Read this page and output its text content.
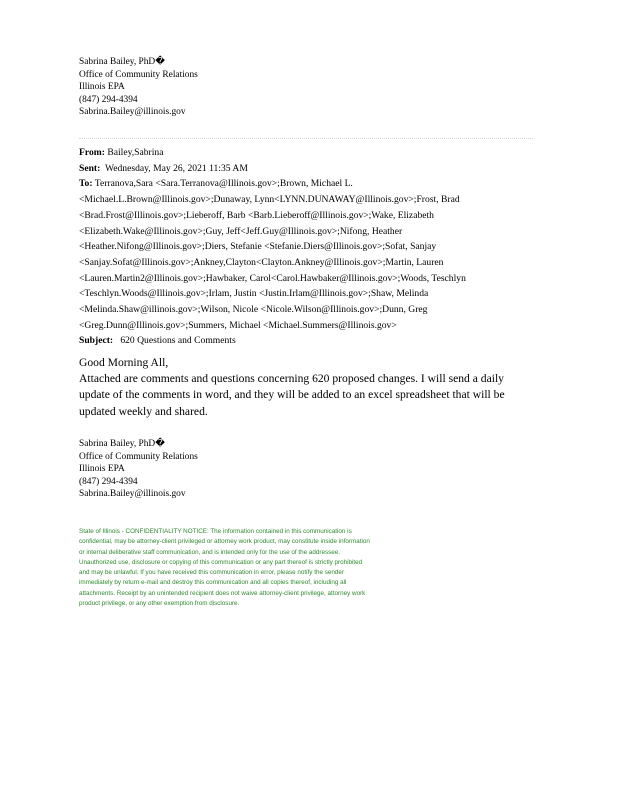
Sabrina Bailey, PhD�
Office of Community Relations
Illinois EPA
(847) 294-4394
Sabrina.Bailey@illinois.gov
From: Bailey,Sabrina
Sent: Wednesday, May 26, 2021 11:35 AM
To: Terranova,Sara <Sara.Terranova@Illinois.gov>;Brown, Michael L.
<Michael.L.Brown@Illinois.gov>;Dunaway, Lynn<LYNN.DUNAWAY@Illinois.gov>;Frost, Brad
<Brad.Frost@Illinois.gov>;Lieberoff, Barb <Barb.Lieberoff@Illinois.gov>;Wake, Elizabeth
<Elizabeth.Wake@Illinois.gov>;Guy, Jeff<Jeff.Guy@Illinois.gov>;Nifong, Heather
<Heather.Nifong@Illinois.gov>;Diers, Stefanie <Stefanie.Diers@Illinois.gov>;Sofat, Sanjay
<Sanjay.Sofat@Illinois.gov>;Ankney,Clayton<Clayton.Ankney@Illinois.gov>;Martin, Lauren
<Lauren.Martin2@Illinois.gov>;Hawbaker, Carol<Carol.Hawbaker@Illinois.gov>;Woods, Teschlyn
<Teschlyn.Woods@Illinois.gov>;Irlam, Justin <Justin.Irlam@Illinois.gov>;Shaw, Melinda
<Melinda.Shaw@illinois.gov>;Wilson, Nicole <Nicole.Wilson@Illinois.gov>;Dunn, Greg
<Greg.Dunn@Illinois.gov>;Summers, Michael <Michael.Summers@Illinois.gov>
Subject: 620 Questions and Comments

Good Morning All,

Attached are comments and questions concerning 620 proposed changes. I will send a daily

update of the comments in word, and they will be added to an excel spreadsheet that will be

updated weekly and shared.

Sabrina Bailey, PhD�
Office of Community Relations
Illinois EPA
(847) 294-4394
Sabrina.Bailey@illinois.gov
State of Illinois - CONFIDENTIALITY NOTICE: The information contained in this communication is
confidential, may be attorney-client privileged or attorney work product, may constitute inside information
or internal deliberative staff communication, and is intended only for the use of the addressee.
Unauthorized use, disclosure or copying of this communication or any part thereof is strictly prohibited
and may be unlawful. If you have received this communication in error, please notify the sender
immediately by return e-mail and destroy this communication and all copies thereof, including all
attachments. Receipt by an unintended recipient does not waive attorney-client privilege, attorney work
product privilege, or any other exemption from disclosure.
